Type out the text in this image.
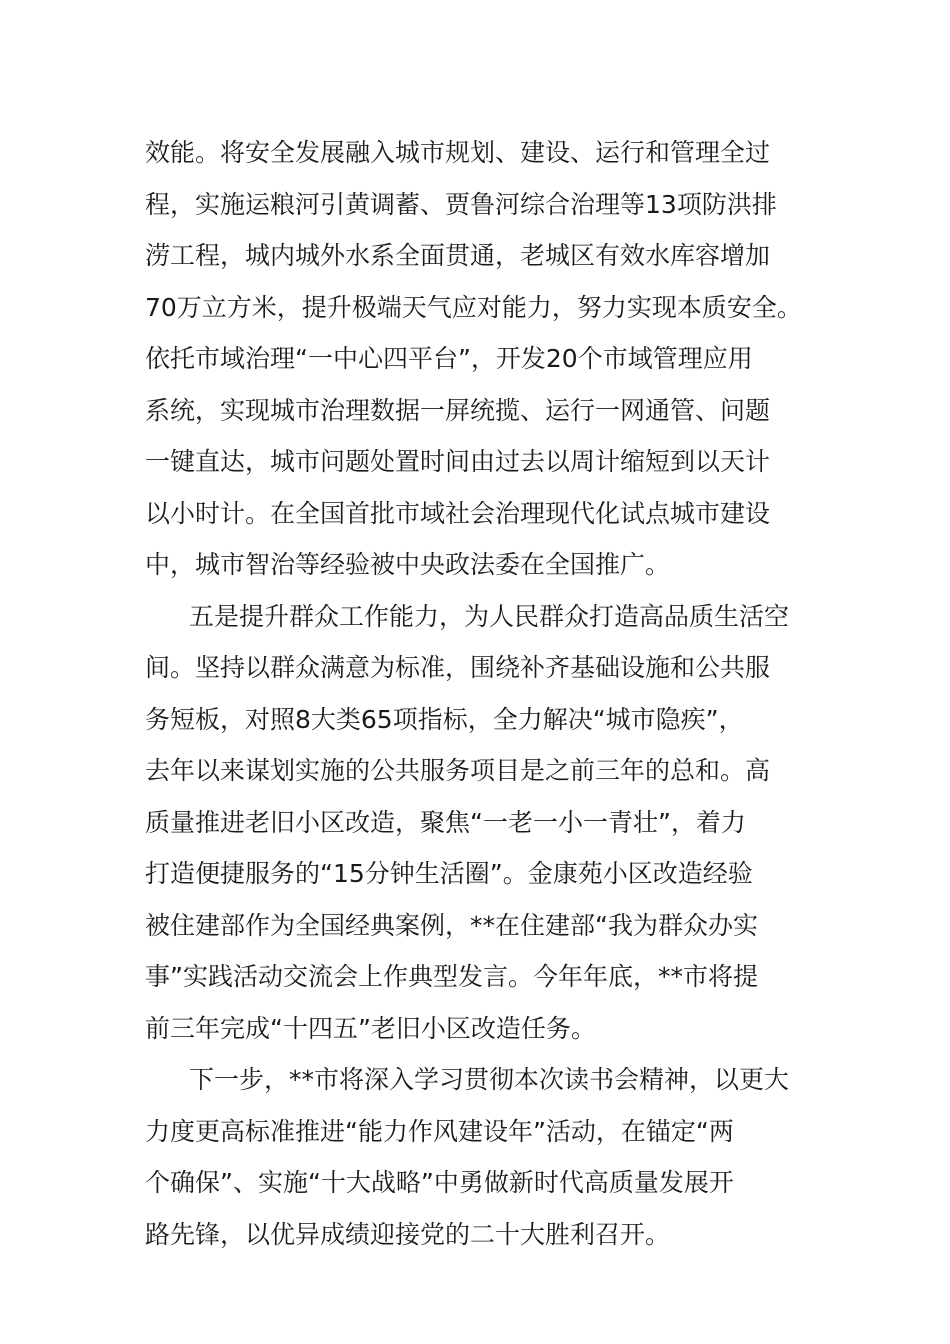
效能。将安全发展融入城市规划、建设、运行和管理全过
程，实施运粮河引黄调蓄、贾鲁河综合治理等13项防洪排
涝工程，城内城外水系全面贯通，老城区有效水库容增加
70万立方米，提升极端天气应对能力，努力实现本质安全。
依托市域治理“一中心四平台”，开发20个市域管理应用
系统，实现城市治理数据一屏统揽、运行一网通管、问题
一键直达，城市问题处置时间由过去以周计缩短到以天计
以小时计。在全国首批市域社会治理现代化试点城市建设
中，城市智治等经验被中央政法委在全国推广。
五是提升群众工作能力，为人民群众打造高品质生活空
间。坚持以群众满意为标准，围绕补齐基础设施和公共服
务短板，对照8大类65项指标，全力解决“城市隐疾”，
去年以来谋划实施的公共服务项目是之前三年的总和。高
质量推进老旧小区改造，聚焦“一老一小一青壮”，着力
打造便捷服务的“15分钟生活圈”。金康苑小区改造经验
被住建部作为全国经典案例，**在住建部“我为群众办实
事”实践活动交流会上作典型发言。今年年底，**市将提
前三年完成“十四五”老旧小区改造任务。
下一步，**市将深入学习贯彻本次读书会精神，以更大
力度更高标准推进“能力作风建设年”活动，在锚定“两
个确保”、实施“十大战略”中勇做新时代高质量发展开
路先锋，以优异成绩迎接党的二十大胜利召开。
